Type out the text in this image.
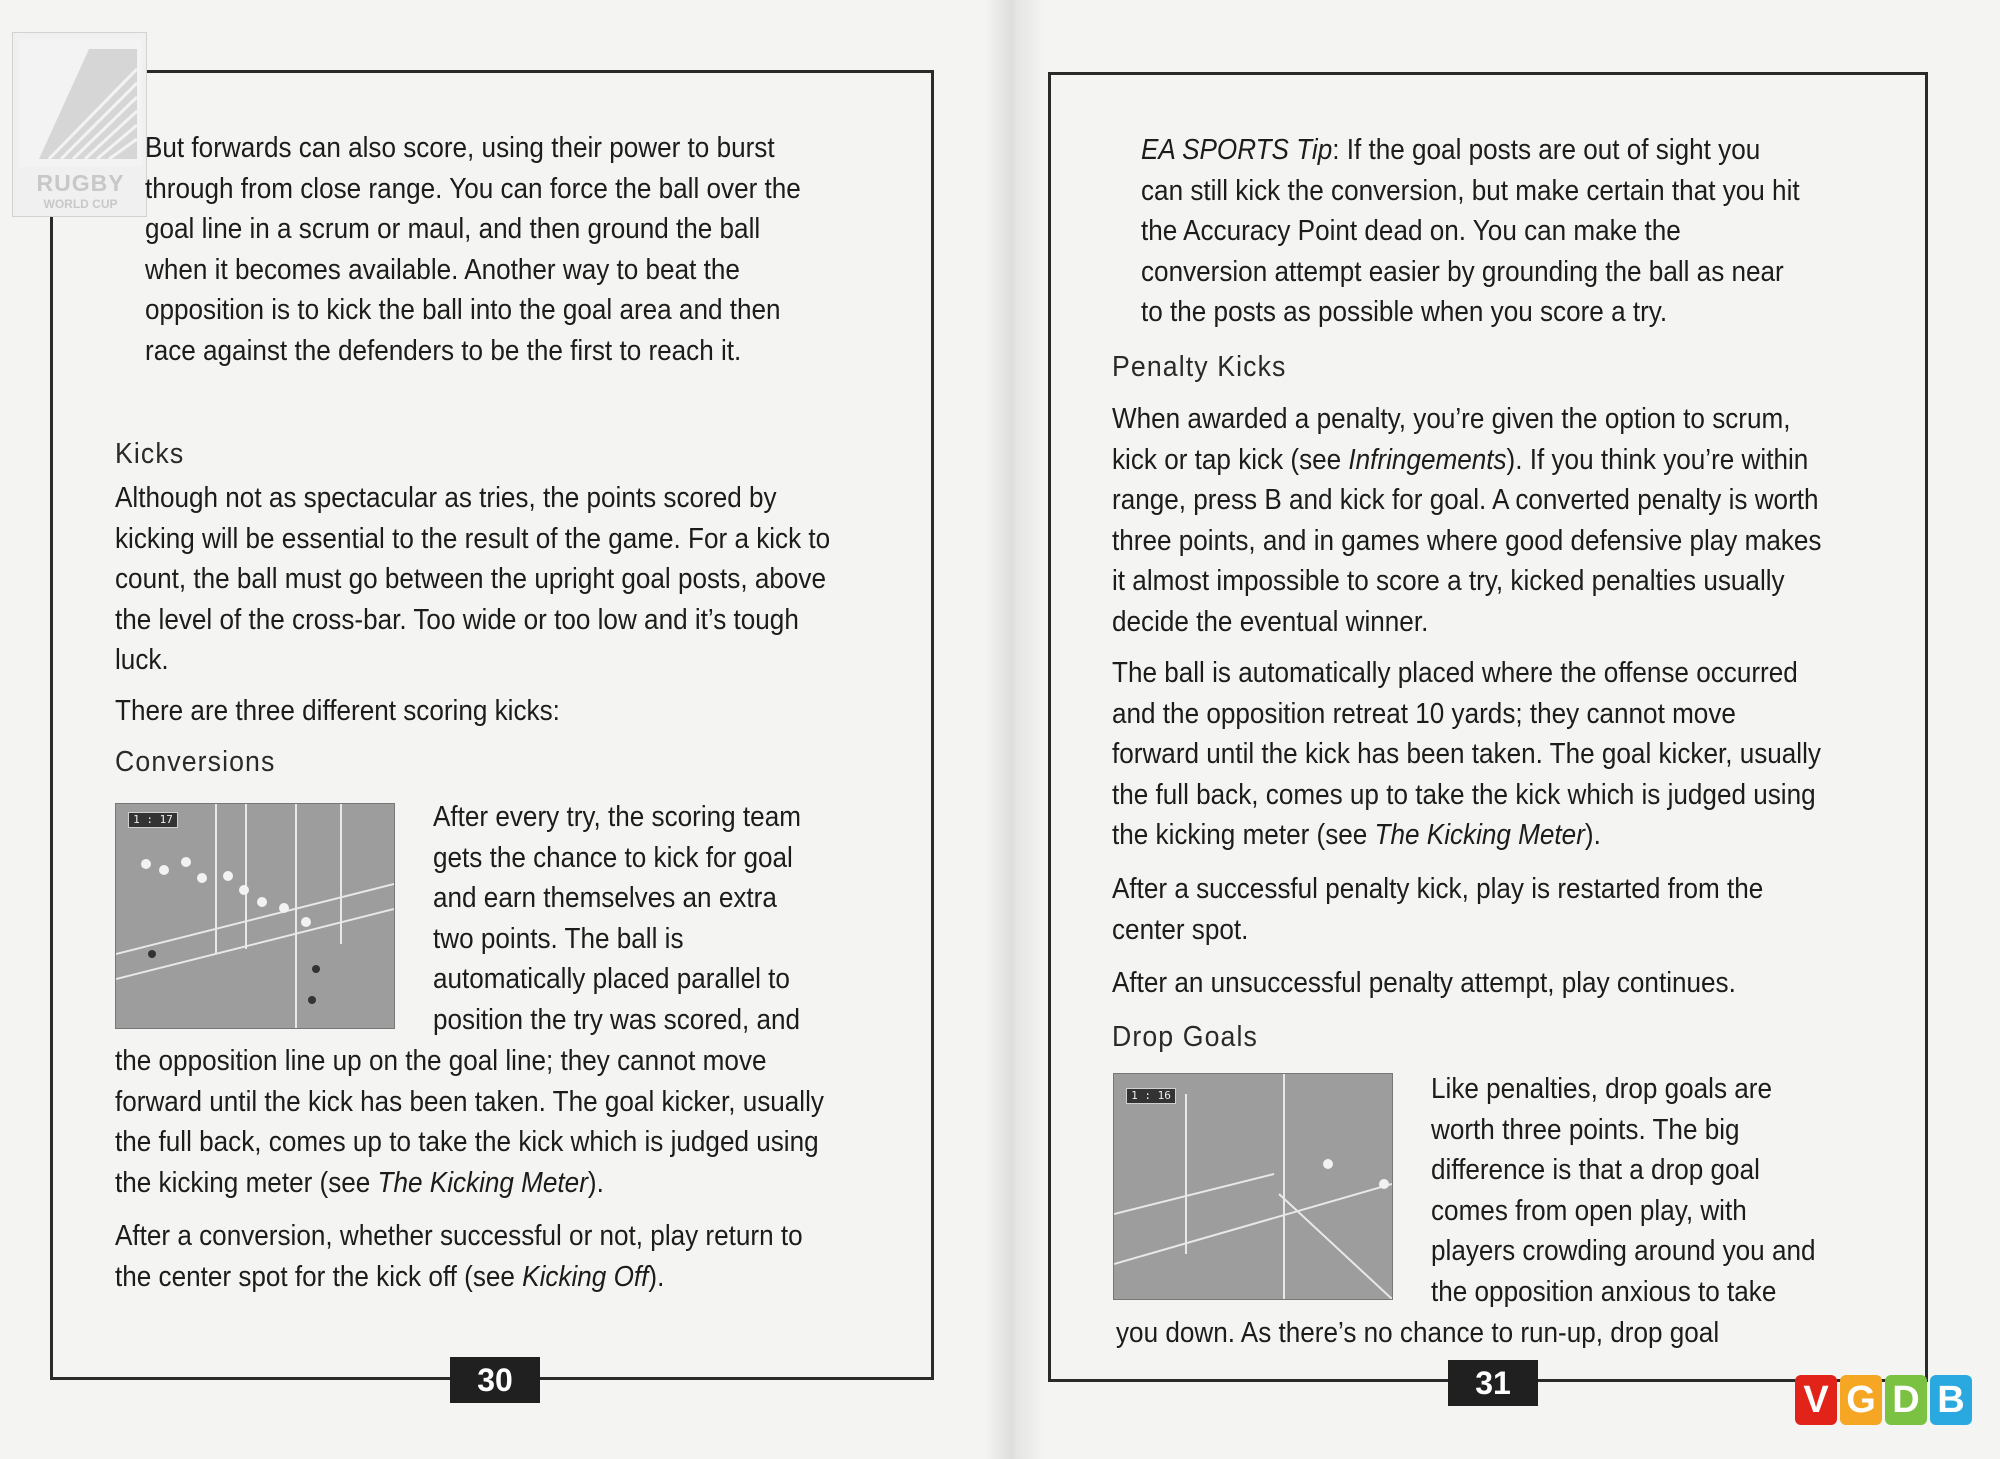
RUGBY
WORLD CUP

But forwards can also score, using their power to burst through from close range. You can force the ball over the goal line in a scrum or maul, and then ground the ball when it becomes available. Another way to beat the opposition is to kick the ball into the goal area and then race against the defenders to be the first to reach it.

Kicks

Although not as spectacular as tries, the points scored by kicking will be essential to the result of the game. For a kick to count, the ball must go between the upright goal posts, above the level of the cross-bar. Too wide or too low and it’s tough luck.

There are three different scoring kicks:

Conversions
1 : 17	After every try, the scoring team gets the chance to kick for goal and earn themselves an extra two points. The ball is automatically placed parallel to position the try was scored, and

the opposition line up on the goal line; they cannot move forward until the kick has been taken. The goal kicker, usually the full back, comes up to take the kick which is judged using the kicking meter (see The Kicking Meter).

After a conversion, whether successful or not, play return to the center spot for the kick off (see Kicking Off).

30

EA SPORTS Tip: If the goal posts are out of sight you can still kick the conversion, but make certain that you hit the Accuracy Point dead on. You can make the conversion attempt easier by grounding the ball as near to the posts as possible when you score a try.

Penalty Kicks

When awarded a penalty, you’re given the option to scrum, kick or tap kick (see Infringements). If you think you’re within range, press B and kick for goal. A converted penalty is worth three points, and in games where good defensive play makes it almost impossible to score a try, kicked penalties usually decide the eventual winner.

The ball is automatically placed where the offense occurred and the opposition retreat 10 yards; they cannot move forward until the kick has been taken. The goal kicker, usually the full back, comes up to take the kick which is judged using the kicking meter (see The Kicking Meter).

After a successful penalty kick, play is restarted from the center spot.

After an unsuccessful penalty attempt, play continues.

Drop Goals
1 : 16	Like penalties, drop goals are worth three points. The big difference is that a drop goal comes from open play, with players crowding around you and the opposition anxious to take

you down. As there’s no chance to run-up, drop goal

31	V G D B
